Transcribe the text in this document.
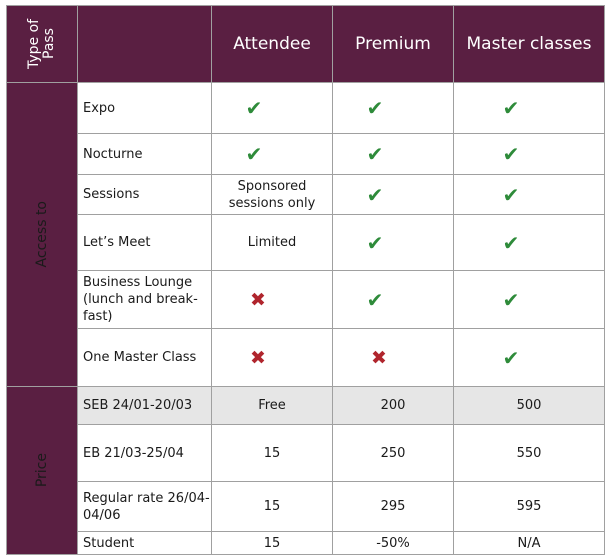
Type of Pass		Attendee	Premium	Master classes

Access to	Expo	✔	✔	✔
	Nocturne	✔	✔	✔
	Sessions	Sponsored sessions only	✔	✔
	Let’s Meet	Limited	✔	✔
	Business Lounge (lunch and break-fast)	✖	✔	✔
	One Master Class	✖	✖	✔

Price	SEB 24/01-20/03	Free	200	500
	EB 21/03-25/04	15	250	550
	Regular rate 26/04-04/06	15	295	595
	Student	15	-50%	N/A
